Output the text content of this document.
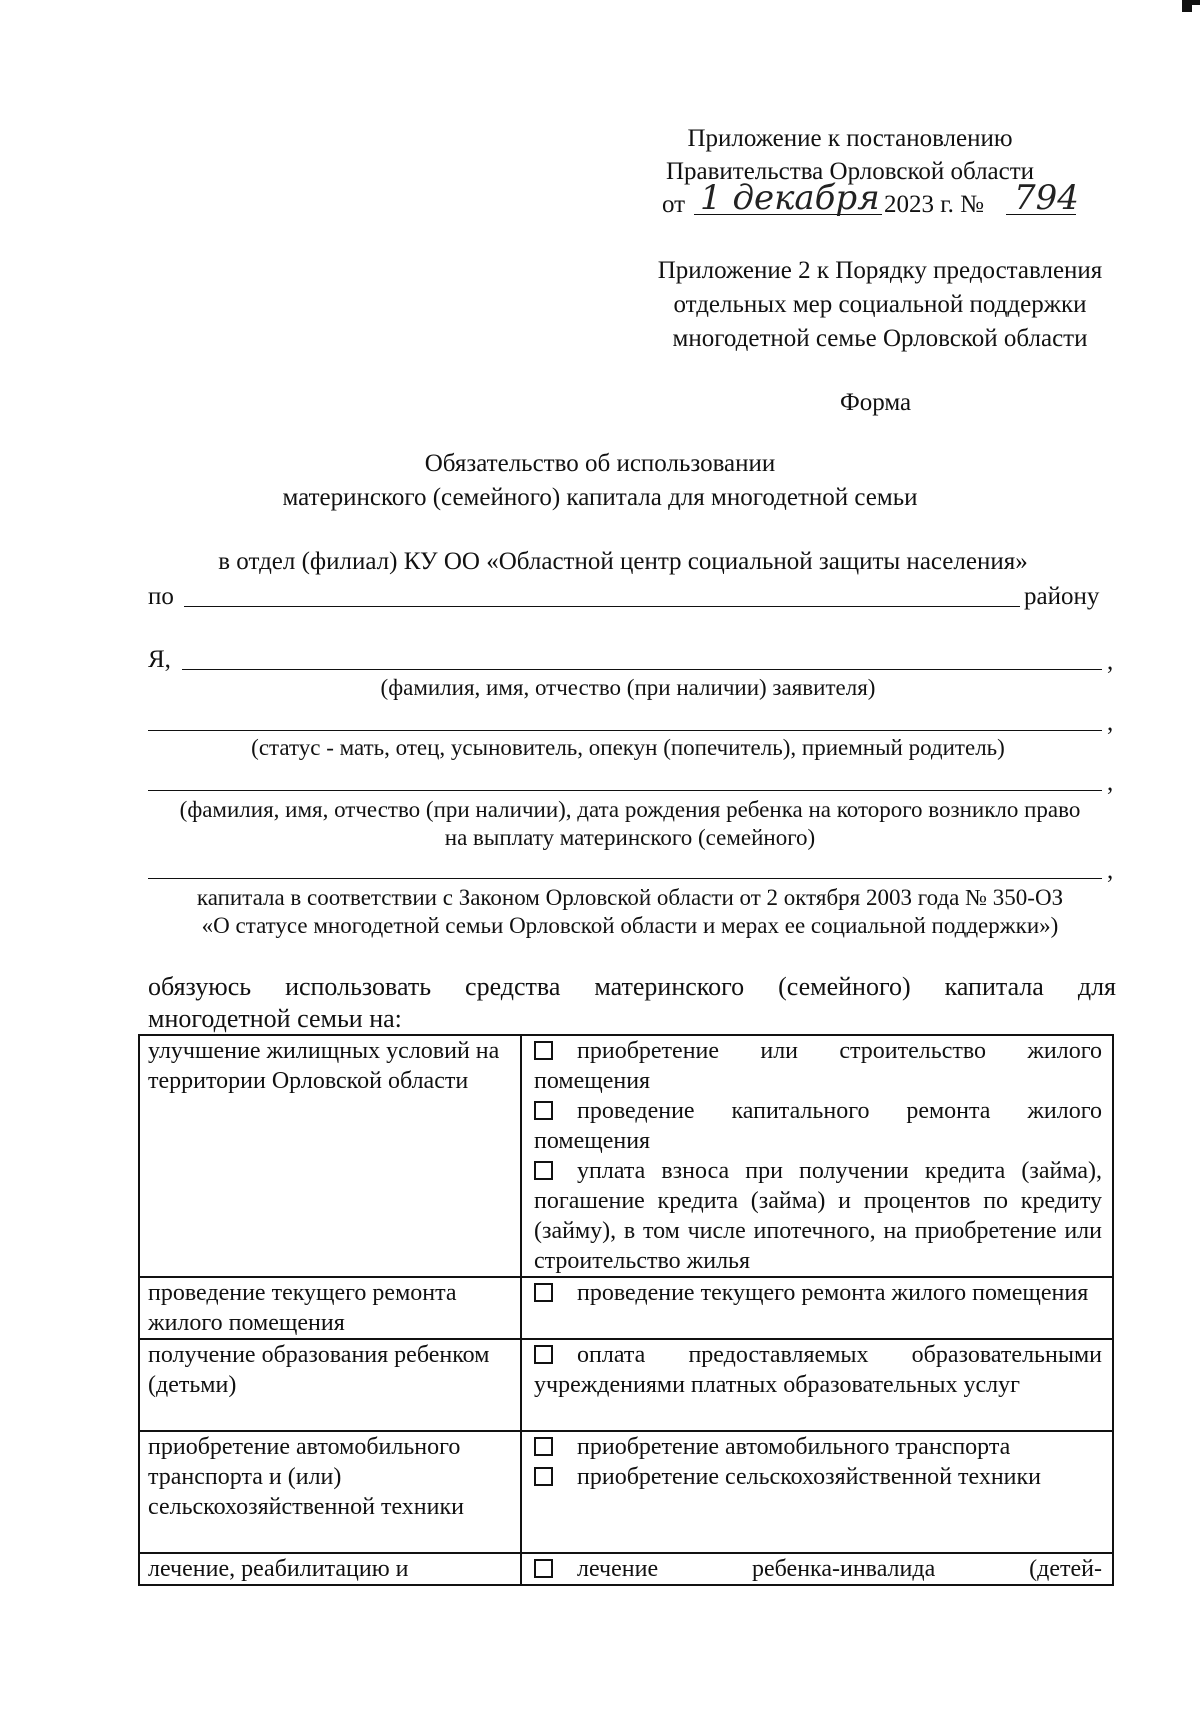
Приложение к постановлению
Правительства Орловской области
от 1 декабря 2023 г. № 794
Приложение 2 к Порядку предоставления
отдельных мер социальной поддержки
многодетной семье Орловской области
Форма
Обязательство об использовании
материнского (семейного) капитала для многодетной семьи
в отдел (филиал) КУ ОО «Областной центр социальной защиты населения»
по	району
Я,	,
(фамилия, имя, отчество (при наличии) заявителя)
,
(статус - мать, отец, усыновитель, опекун (попечитель), приемный родитель)
,
(фамилия, имя, отчество (при наличии), дата рождения ребенка на которого возникло право
на выплату материнского (семейного)
,
капитала в соответствии с Законом Орловской области от 2 октября 2003 года № 350-ОЗ
«О статусе многодетной семьи Орловской области и мерах ее социальной поддержки»)
обязуюсь использовать средства материнского (семейного) капитала для
многодетной семьи на:
улучшение жилищных условий на территории Орловской области	приобретение или строительство жилого помещения
проведение капитального ремонта жилого помещения
уплата взноса при получении кредита (займа), погашение кредита (займа) и процентов по кредиту (займу), в том числе ипотечного, на приобретение или строительство жилья

проведение текущего ремонта жилого помещения	проведение текущего ремонта жилого помещения

получение образования ребенком (детьми)	оплата предоставляемых образовательными учреждениями платных образовательных услуг

приобретение автомобильного транспорта и (или) сельскохозяйственной техники	приобретение автомобильного транспорта
приобретение сельскохозяйственной техники

лечение, реабилитацию и	лечение ребенка-инвалида (детей-
